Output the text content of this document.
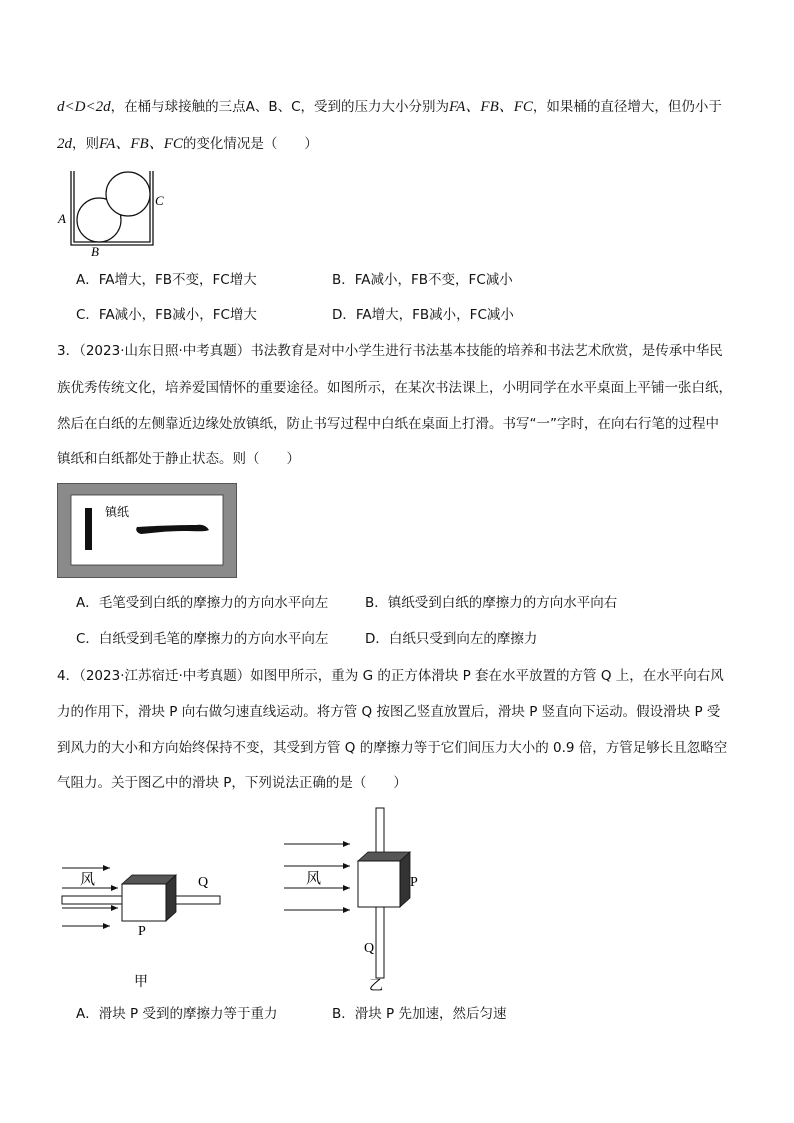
d<D<2d，在桶与球接触的三点A、B、C，受到的压力大小分别为FA、FB、FC，如果桶的直径增大，但仍小于
2d，则FA、FB、FC的变化情况是（　　）
A
B
C
A．FA增大，FB不变，FC增大	B．FA减小，FB不变，FC减小
C．FA减小，FB减小，FC增大	D．FA增大，FB减小，FC减小
3．（2023·山东日照·中考真题）书法教育是对中小学生进行书法基本技能的培养和书法艺术欣赏，是传承中华民
族优秀传统文化，培养爱国情怀的重要途径。如图所示，在某次书法课上，小明同学在水平桌面上平铺一张白纸，
然后在白纸的左侧靠近边缘处放镇纸，防止书写过程中白纸在桌面上打滑。书写“一”字时，在向右行笔的过程中
镇纸和白纸都处于静止状态。则（　　）
镇纸
A．毛笔受到白纸的摩擦力的方向水平向左	B．镇纸受到白纸的摩擦力的方向水平向右
C．白纸受到毛笔的摩擦力的方向水平向左	D．白纸只受到向左的摩擦力
4．（2023·江苏宿迁·中考真题）如图甲所示，重为 G 的正方体滑块 P 套在水平放置的方管 Q 上，在水平向右风
力的作用下，滑块 P 向右做匀速直线运动。将方管 Q 按图乙竖直放置后，滑块 P 竖直向下运动。假设滑块 P 受
到风力的大小和方向始终保持不变，其受到方管 Q 的摩擦力等于它们间压力大小的 0.9 倍，方管足够长且忽略空
气阻力。关于图乙中的滑块 P，下列说法正确的是（　　）
风	Q
P
甲
风	P
Q
乙
A．滑块 P 受到的摩擦力等于重力	B．滑块 P 先加速，然后匀速
